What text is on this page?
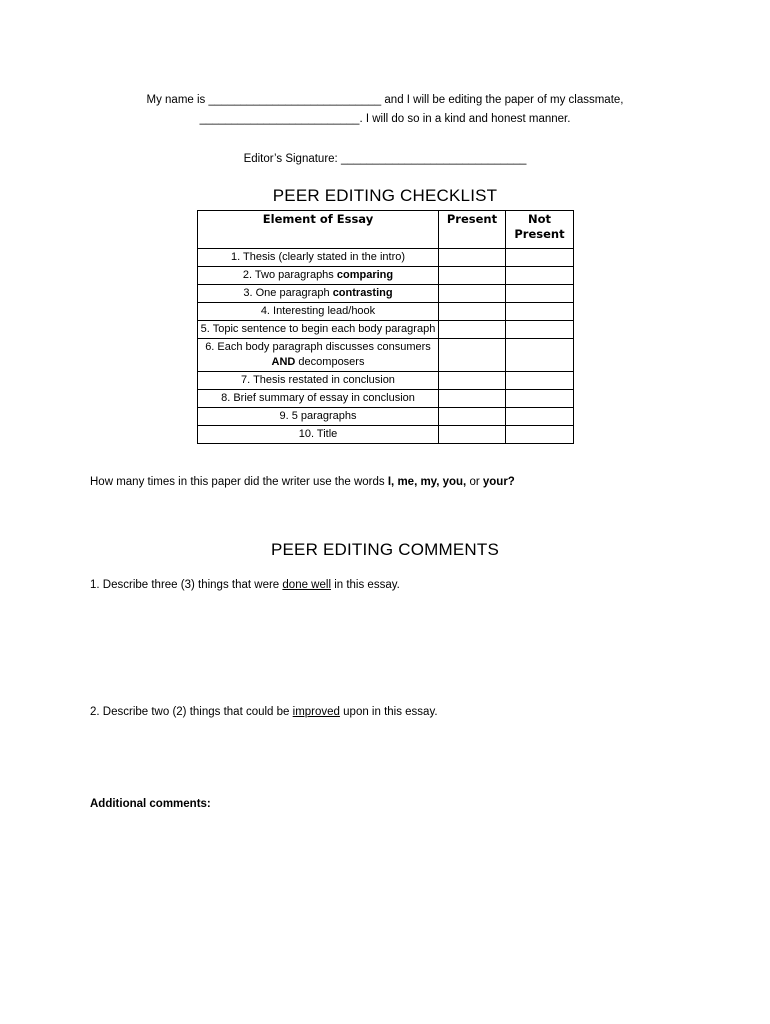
My name is ___________________________ and I will be editing the paper of my classmate,
_________________________. I will do so in a kind and honest manner.
Editor’s Signature: _____________________________
PEER EDITING CHECKLIST
Element of Essay	Present	Not Present
1. Thesis (clearly stated in the intro)		
2. Two paragraphs comparing		
3. One paragraph contrasting		
4. Interesting lead/hook		
5. Topic sentence to begin each body paragraph		
6. Each body paragraph discusses consumers AND decomposers		
7. Thesis restated in conclusion		
8. Brief summary of essay in conclusion		
9. 5 paragraphs		
10. Title		
How many times in this paper did the writer use the words I, me, my, you, or your?
PEER EDITING COMMENTS
1. Describe three (3) things that were done well in this essay.
2. Describe two (2) things that could be improved upon in this essay.
Additional comments:
